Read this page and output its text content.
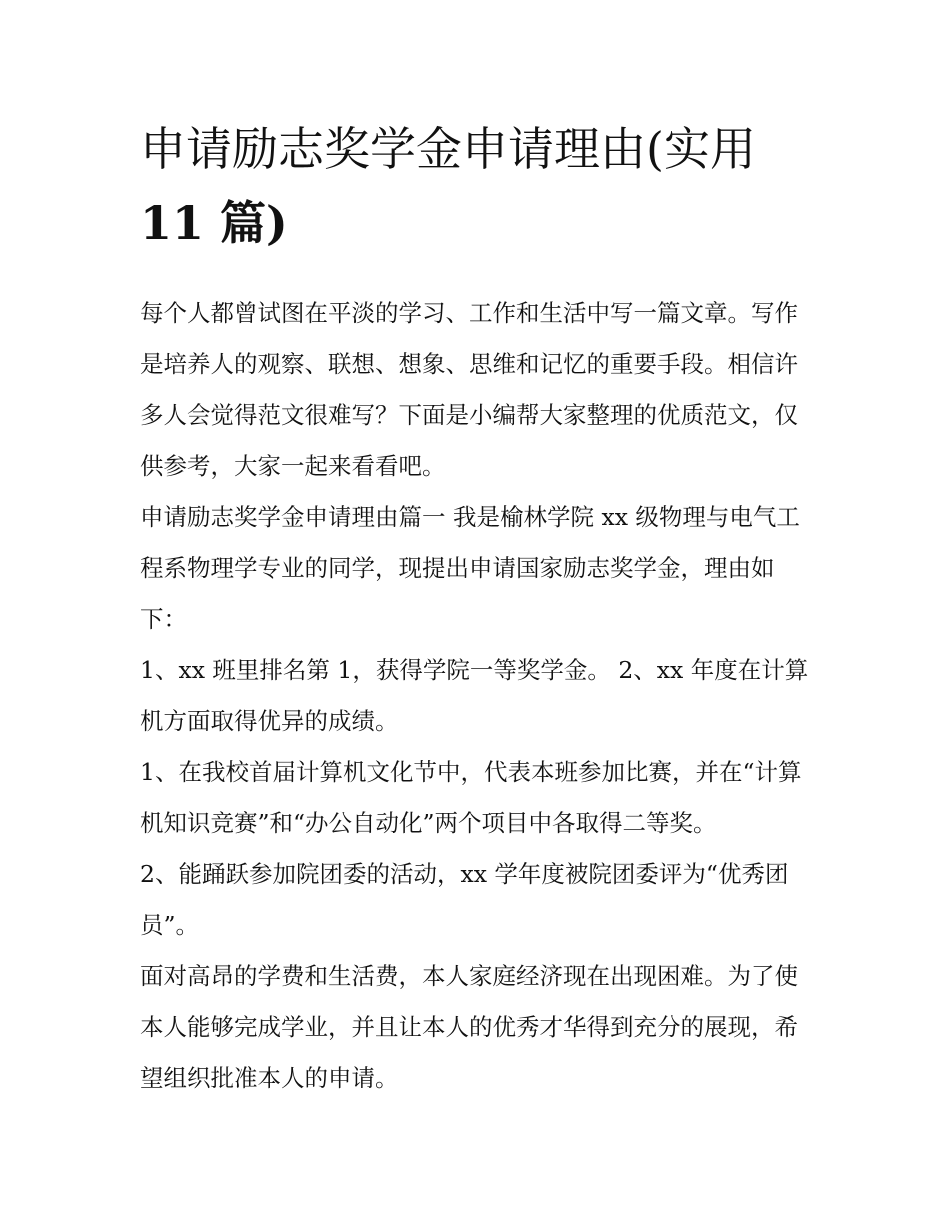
申请励志奖学金申请理由(实用
11 篇)

每个人都曾试图在平淡的学习、工作和生活中写一篇文章。写作是培养人的观察、联想、想象、思维和记忆的重要手段。相信许多人会觉得范文很难写？下面是小编帮大家整理的优质范文，仅供参考，大家一起来看看吧。

申请励志奖学金申请理由篇一 我是榆林学院 xx 级物理与电气工程系物理学专业的同学，现提出申请国家励志奖学金，理由如下：

1、xx 班里排名第 1，获得学院一等奖学金。 2、xx 年度在计算机方面取得优异的成绩。

1、在我校首届计算机文化节中，代表本班参加比赛，并在“计算机知识竞赛”和“办公自动化”两个项目中各取得二等奖。

2、能踊跃参加院团委的活动，xx 学年度被院团委评为“优秀团员”。

面对高昂的学费和生活费，本人家庭经济现在出现困难。为了使本人能够完成学业，并且让本人的优秀才华得到充分的展现，希望组织批准本人的申请。
